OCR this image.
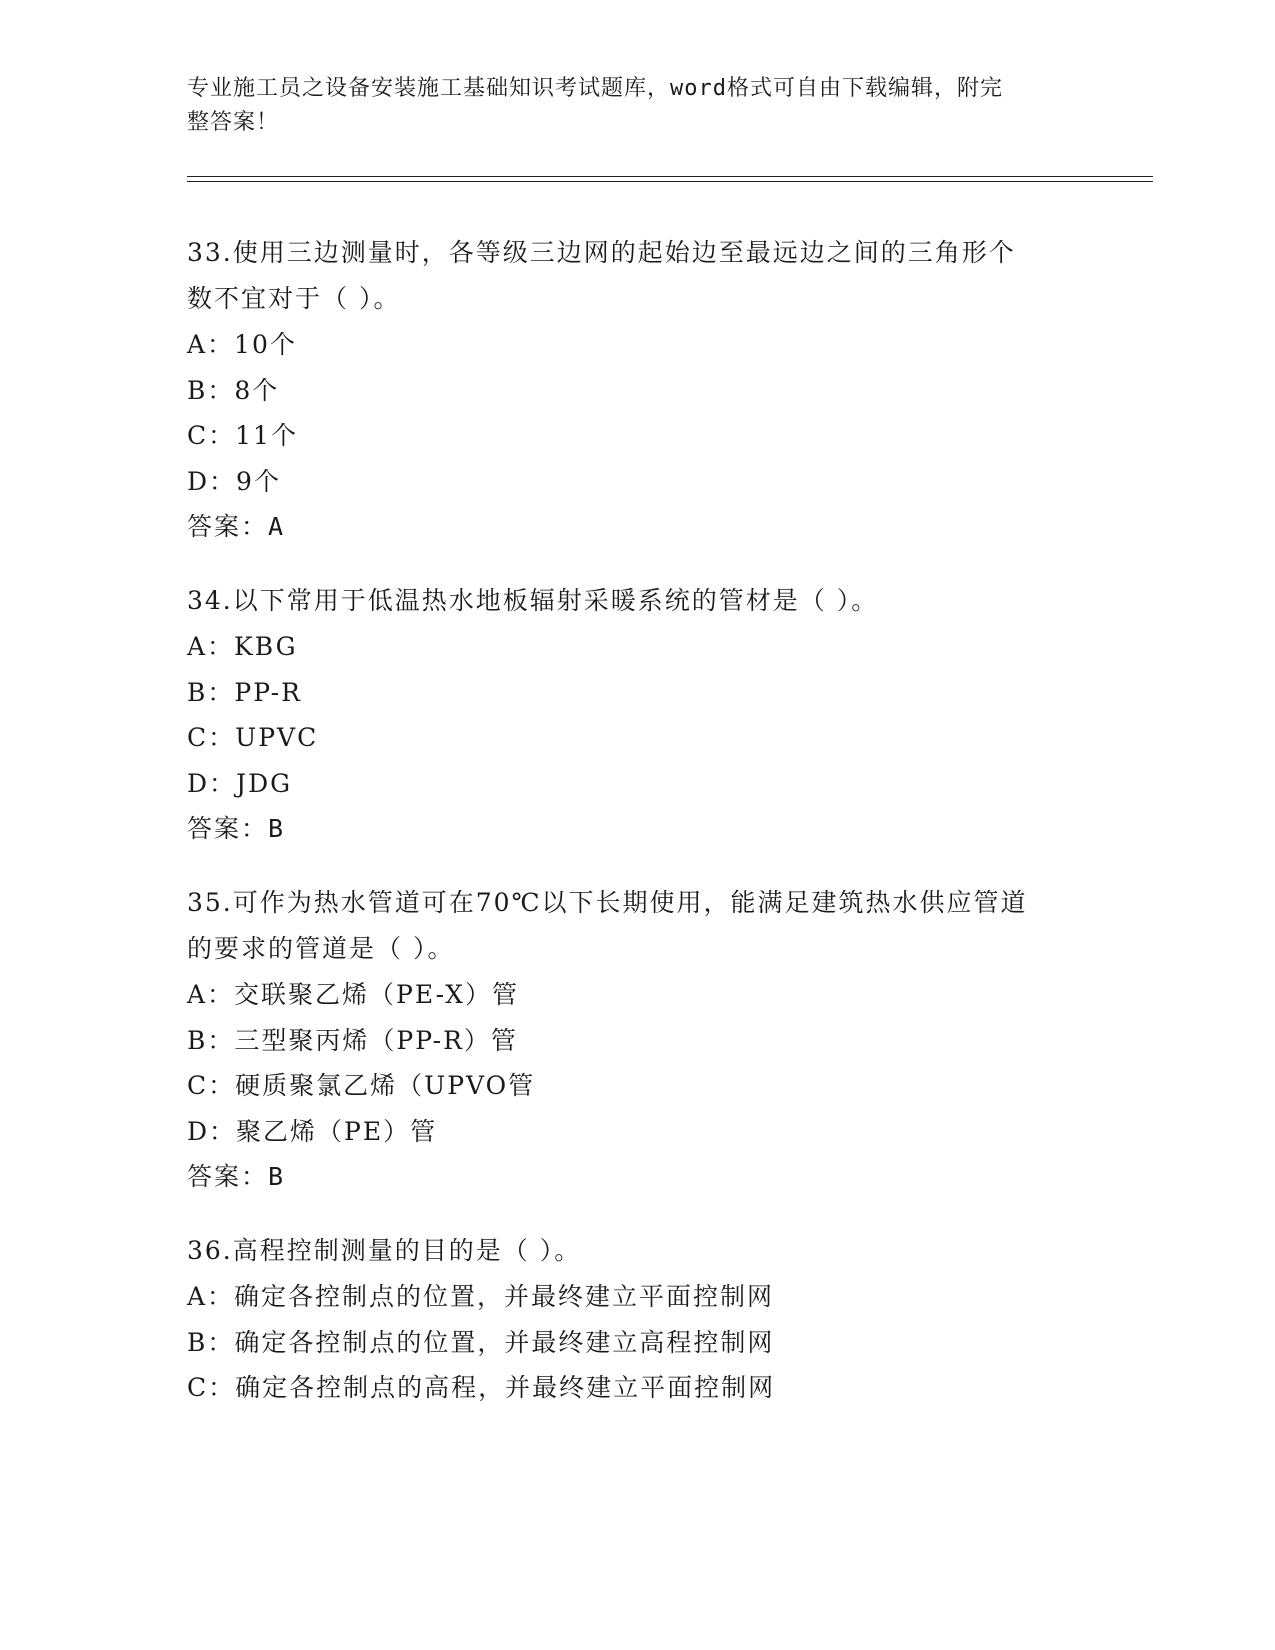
专业施工员之设备安装施工基础知识考试题库，word格式可自由下载编辑，附完
整答案！
33.使用三边测量时，各等级三边网的起始边至最远边之间的三角形个
数不宜对于（ ）。
A：10个
B：8个
C：11个
D：9个
答案：A
34.以下常用于低温热水地板辐射采暖系统的管材是（ ）。
A：KBG
B：PP-R
C：UPVC
D：JDG
答案：B
35.可作为热水管道可在70℃以下长期使用，能满足建筑热水供应管道
的要求的管道是（ ）。
A：交联聚乙烯（PE-X）管
B：三型聚丙烯（PP-R）管
C：硬质聚氯乙烯（UPVO管
D：聚乙烯（PE）管
答案：B
36.高程控制测量的目的是（ ）。
A：确定各控制点的位置，并最终建立平面控制网
B：确定各控制点的位置，并最终建立高程控制网
C：确定各控制点的高程，并最终建立平面控制网
